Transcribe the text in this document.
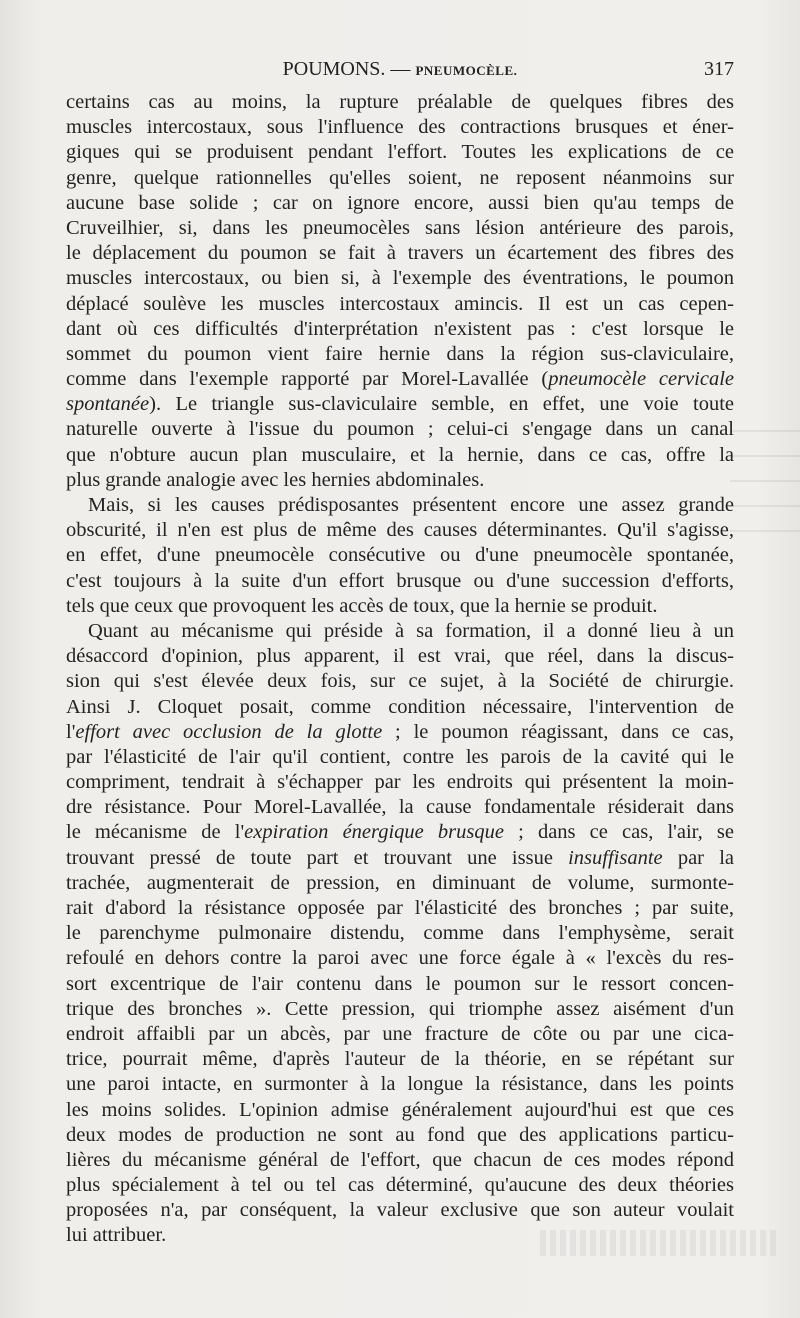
POUMONS. — PNEUMOCÈLE.	317
certains cas au moins, la rupture préalable de quelques fibres des
muscles intercostaux, sous l'influence des contractions brusques et éner-
giques qui se produisent pendant l'effort. Toutes les explications de ce
genre, quelque rationnelles qu'elles soient, ne reposent néanmoins sur
aucune base solide ; car on ignore encore, aussi bien qu'au temps de
Cruveilhier, si, dans les pneumocèles sans lésion antérieure des parois,
le déplacement du poumon se fait à travers un écartement des fibres des
muscles intercostaux, ou bien si, à l'exemple des éventrations, le poumon
déplacé soulève les muscles intercostaux amincis. Il est un cas cepen-
dant où ces difficultés d'interprétation n'existent pas : c'est lorsque le
sommet du poumon vient faire hernie dans la région sus-claviculaire,
comme dans l'exemple rapporté par Morel-Lavallée (pneumocèle cervicale
spontanée). Le triangle sus-claviculaire semble, en effet, une voie toute
naturelle ouverte à l'issue du poumon ; celui-ci s'engage dans un canal
que n'obture aucun plan musculaire, et la hernie, dans ce cas, offre la
plus grande analogie avec les hernies abdominales.
Mais, si les causes prédisposantes présentent encore une assez grande
obscurité, il n'en est plus de même des causes déterminantes. Qu'il s'agisse,
en effet, d'une pneumocèle consécutive ou d'une pneumocèle spontanée,
c'est toujours à la suite d'un effort brusque ou d'une succession d'efforts,
tels que ceux que provoquent les accès de toux, que la hernie se produit.
Quant au mécanisme qui préside à sa formation, il a donné lieu à un
désaccord d'opinion, plus apparent, il est vrai, que réel, dans la discus-
sion qui s'est élevée deux fois, sur ce sujet, à la Société de chirurgie.
Ainsi J. Cloquet posait, comme condition nécessaire, l'intervention de
l'effort avec occlusion de la glotte ; le poumon réagissant, dans ce cas,
par l'élasticité de l'air qu'il contient, contre les parois de la cavité qui le
compriment, tendrait à s'échapper par les endroits qui présentent la moin-
dre résistance. Pour Morel-Lavallée, la cause fondamentale résiderait dans
le mécanisme de l'expiration énergique brusque ; dans ce cas, l'air, se
trouvant pressé de toute part et trouvant une issue insuffisante par la
trachée, augmenterait de pression, en diminuant de volume, surmonte-
rait d'abord la résistance opposée par l'élasticité des bronches ; par suite,
le parenchyme pulmonaire distendu, comme dans l'emphysème, serait
refoulé en dehors contre la paroi avec une force égale à « l'excès du res-
sort excentrique de l'air contenu dans le poumon sur le ressort concen-
trique des bronches ». Cette pression, qui triomphe assez aisément d'un
endroit affaibli par un abcès, par une fracture de côte ou par une cica-
trice, pourrait même, d'après l'auteur de la théorie, en se répétant sur
une paroi intacte, en surmonter à la longue la résistance, dans les points
les moins solides. L'opinion admise généralement aujourd'hui est que ces
deux modes de production ne sont au fond que des applications particu-
lières du mécanisme général de l'effort, que chacun de ces modes répond
plus spécialement à tel ou tel cas déterminé, qu'aucune des deux théories
proposées n'a, par conséquent, la valeur exclusive que son auteur voulait
lui attribuer.
